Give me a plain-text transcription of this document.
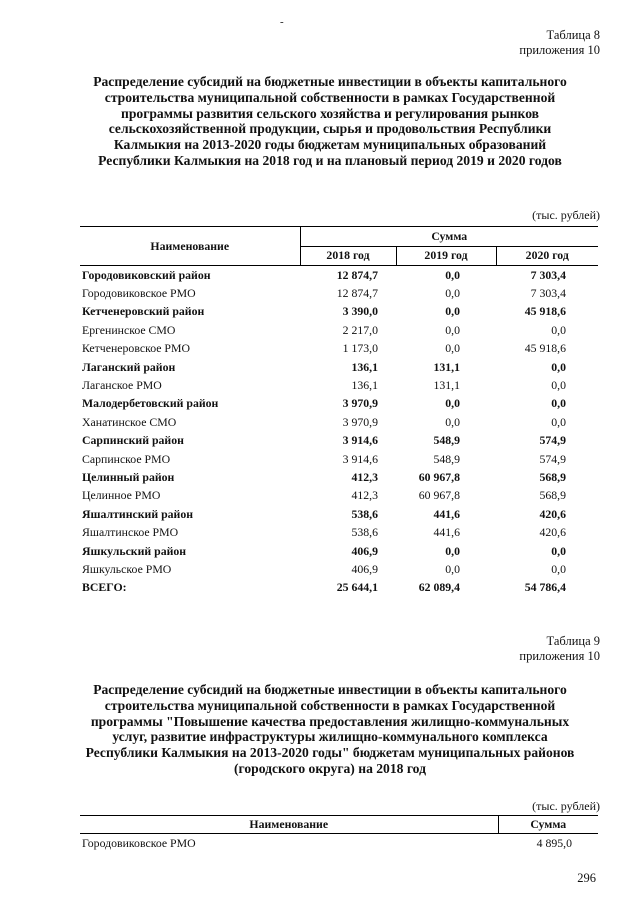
-
Таблица 8
приложения 10
Распределение субсидий на бюджетные инвестиции в объекты капитального строительства муниципальной собственности в рамках Государственной программы развития сельского хозяйства и регулирования рынков сельскохозяйственной продукции, сырья и продовольствия Республики Калмыкия на 2013-2020 годы бюджетам муниципальных образований Республики Калмыкия на 2018 год и на плановый период 2019 и 2020 годов
(тыс. рублей)
Наименование	Сумма		
	2018 год	2019 год	2020 год
Городовиковский район	12 874,7	0,0	7 303,4
Городовиковское РМО	12 874,7	0,0	7 303,4
Кетченеровский район	3 390,0	0,0	45 918,6
Ергенинское СМО	2 217,0	0,0	0,0
Кетченеровское РМО	1 173,0	0,0	45 918,6
Лаганский район	136,1	131,1	0,0
Лаганское РМО	136,1	131,1	0,0
Малодербетовский район	3 970,9	0,0	0,0
Ханатинское СМО	3 970,9	0,0	0,0
Сарпинский район	3 914,6	548,9	574,9
Сарпинское РМО	3 914,6	548,9	574,9
Целинный район	412,3	60 967,8	568,9
Целинное РМО	412,3	60 967,8	568,9
Яшалтинский район	538,6	441,6	420,6
Яшалтинское РМО	538,6	441,6	420,6
Яшкульский район	406,9	0,0	0,0
Яшкульское РМО	406,9	0,0	0,0
ВСЕГО:	25 644,1	62 089,4	54 786,4
Таблица 9
приложения 10
Распределение субсидий на бюджетные инвестиции в объекты капитального строительства муниципальной собственности в рамках Государственной программы "Повышение качества предоставления жилищно-коммунальных услуг, развитие инфраструктуры жилищно-коммунального комплекса Республики Калмыкия на 2013-2020 годы" бюджетам муниципальных районов (городского округа) на 2018 год
(тыс. рублей)
Наименование	Сумма
Городовиковское РМО	4 895,0
296
